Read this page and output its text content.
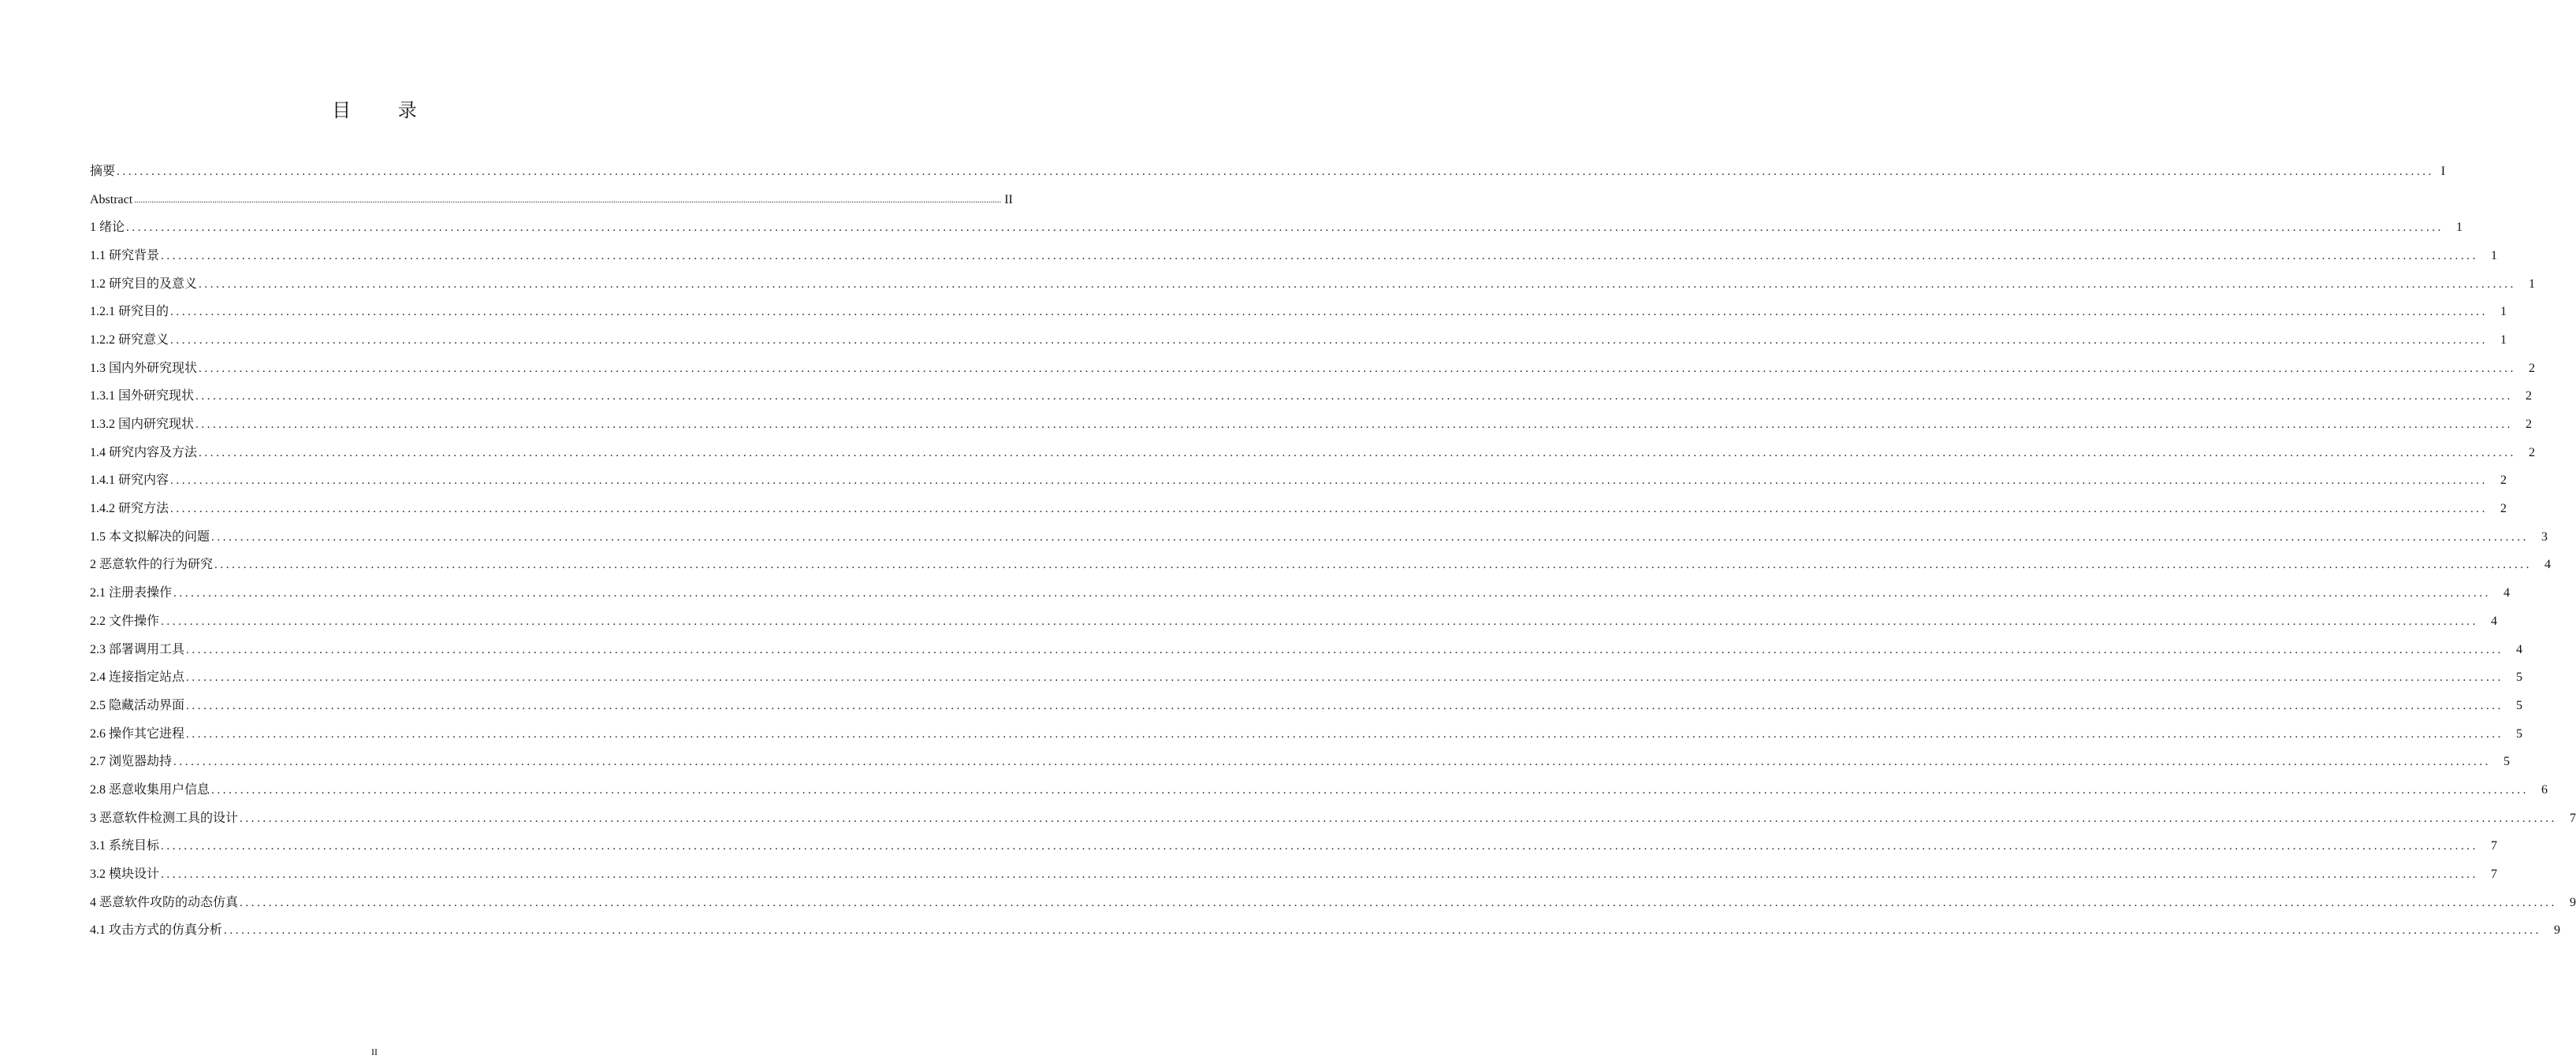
目 录
摘要 ................................................................................................................................................................................................................................................................................................................................................................................................................ I
Abstract ................................................................................................................................................................................................................................................................................................................................................................................................................ II
1 绪论 ................................................................................................................................................................................................................................................................................................................................................................................................................ 1
1.1 研究背景 ................................................................................................................................................................................................................................................................................................................................................................................................................ 1
1.2 研究目的及意义 ................................................................................................................................................................................................................................................................................................................................................................................................................ 1
1.2.1 研究目的 ................................................................................................................................................................................................................................................................................................................................................................................................................ 1
1.2.2 研究意义 ................................................................................................................................................................................................................................................................................................................................................................................................................ 1
1.3 国内外研究现状 ................................................................................................................................................................................................................................................................................................................................................................................................................ 2
1.3.1 国外研究现状 ................................................................................................................................................................................................................................................................................................................................................................................................................ 2
1.3.2 国内研究现状 ................................................................................................................................................................................................................................................................................................................................................................................................................ 2
1.4 研究内容及方法 ................................................................................................................................................................................................................................................................................................................................................................................................................ 2
1.4.1 研究内容 ................................................................................................................................................................................................................................................................................................................................................................................................................ 2
1.4.2 研究方法 ................................................................................................................................................................................................................................................................................................................................................................................................................ 2
1.5 本文拟解决的问题 ................................................................................................................................................................................................................................................................................................................................................................................................................ 3
2 恶意软件的行为研究 ................................................................................................................................................................................................................................................................................................................................................................................................................ 4
2.1 注册表操作 ................................................................................................................................................................................................................................................................................................................................................................................................................ 4
2.2 文件操作 ................................................................................................................................................................................................................................................................................................................................................................................................................ 4
2.3 部署调用工具 ................................................................................................................................................................................................................................................................................................................................................................................................................ 4
2.4 连接指定站点 ................................................................................................................................................................................................................................................................................................................................................................................................................ 5
2.5 隐藏活动界面 ................................................................................................................................................................................................................................................................................................................................................................................................................ 5
2.6 操作其它进程 ................................................................................................................................................................................................................................................................................................................................................................................................................ 5
2.7 浏览器劫持 ................................................................................................................................................................................................................................................................................................................................................................................................................ 5
2.8 恶意收集用户信息 ................................................................................................................................................................................................................................................................................................................................................................................................................ 6
3 恶意软件检测工具的设计 ................................................................................................................................................................................................................................................................................................................................................................................................................ 7
3.1 系统目标 ................................................................................................................................................................................................................................................................................................................................................................................................................ 7
3.2 模块设计 ................................................................................................................................................................................................................................................................................................................................................................................................................ 7
4 恶意软件攻防的动态仿真 ................................................................................................................................................................................................................................................................................................................................................................................................................ 9
4.1 攻击方式的仿真分析 ................................................................................................................................................................................................................................................................................................................................................................................................................ 9
II
